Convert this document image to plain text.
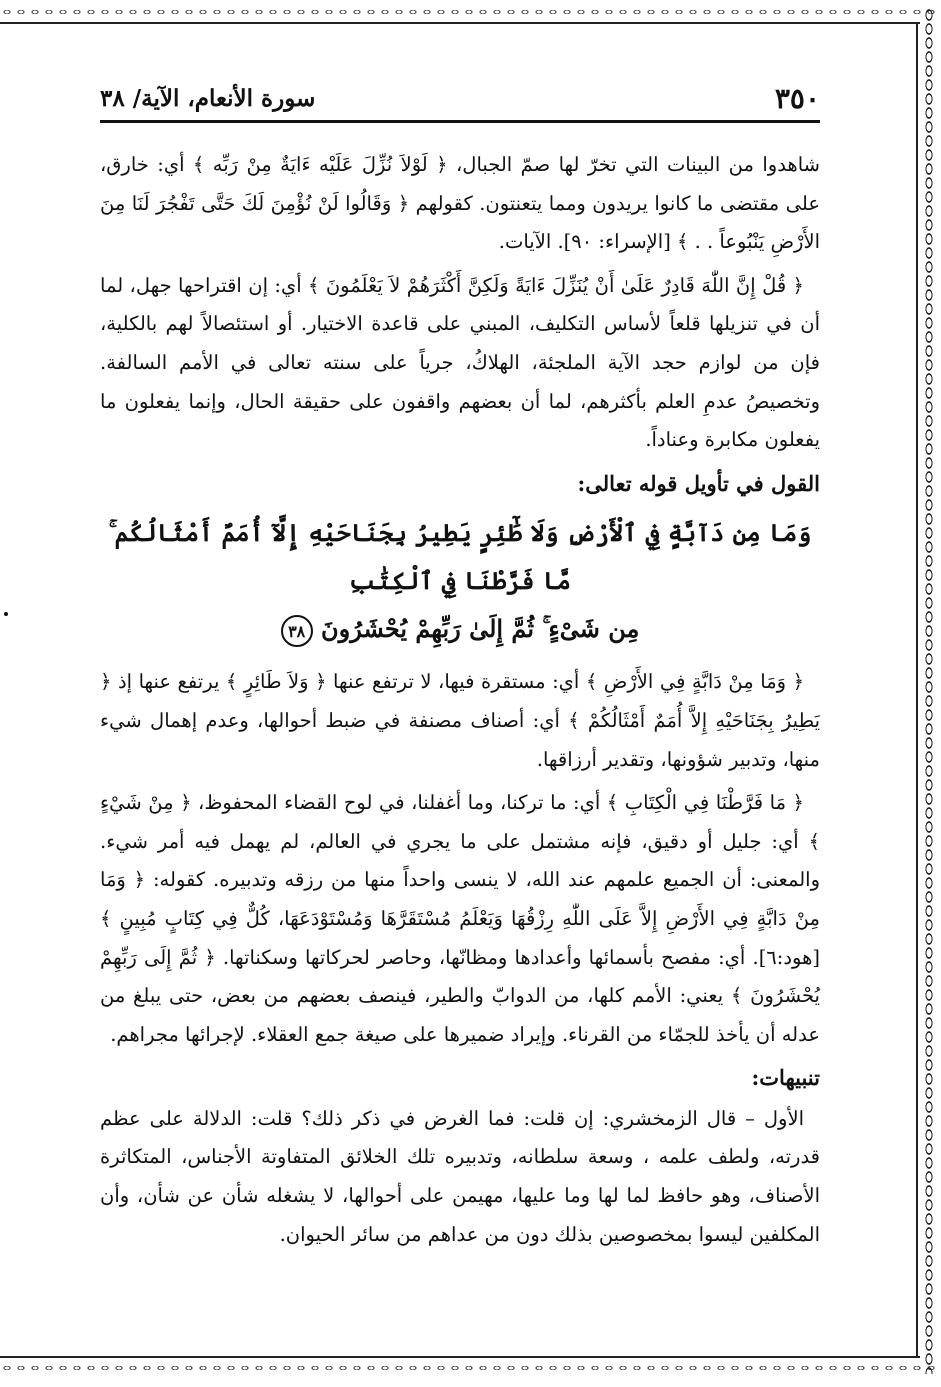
٣٥٠
سورة الأنعام، الآية/ ٣٨

شاهدوا من البينات التي تخرّ لها صمّ الجبال، ﴿ لَوْلاَ نُزِّلَ عَلَيْه ءَايَةٌ مِنْ رَبِّه ﴾ أي: خارق، على مقتضى ما كانوا يريدون ومما يتعنتون. كقولهم ﴿ وَقَالُوا لَنْ نُؤْمِنَ لَكَ حَتَّى تَفْجُرَ لَنَا مِنَ الأَرْضِ يَنْبُوعاً . . ﴾ [الإسراء: ٩٠]. الآيات.

﴿ قُلْ إِنَّ اللّٰهَ قَادِرٌ عَلَىٰ أَنْ يُنَزِّلَ ءَايَةً وَلَكِنَّ أَكْثَرَهُمْ لاَ يَعْلَمُونَ ﴾ أي: إن اقتراحها جهل، لما أن في تنزيلها قلعاً لأساس التكليف، المبني على قاعدة الاختيار. أو استئصالاً لهم بالكلية، فإن من لوازم حجد الآية الملجئة، الهلاكُ، جرياً على سنته تعالى في الأمم السالفة. وتخصيصُ عدمِ العلم بأكثرهم، لما أن بعضهم واقفون على حقيقة الحال، وإنما يفعلون ما يفعلون مكابرة وعناداً.

القول في تأويل قوله تعالى:
وَمَا مِن دَآبَّةٍ فِي ٱلْأَرْضِ وَلَا طَٰٓئِرٍ يَطِيرُ بِجَنَاحَيْهِ إِلَّآ أُمَمٌ أَمْثَالُكُم ۚ مَّا فَرَّطْنَا فِي ٱلْكِتَٰبِ
مِن شَىْءٍ ۚ ثُمَّ إِلَىٰ رَبِّهِمْ يُحْشَرُونَ ٣٨

﴿ وَمَا مِنْ دَابَّةٍ فِي الأَرْضِ ﴾ أي: مستقرة فيها، لا ترتفع عنها ﴿ وَلاَ طَائِرٍ ﴾ يرتفع عنها إذ ﴿ يَطِيرُ بِجَنَاحَيْهِ إِلاَّ أُمَمٌ أَمْثَالُكُمْ ﴾ أي: أصناف مصنفة في ضبط أحوالها، وعدم إهمال شيء منها، وتدبير شؤونها، وتقدير أرزاقها.

﴿ مَا فَرَّطْنَا فِي الْكِتَابِ ﴾ أي: ما تركنا، وما أغفلنا، في لوح القضاء المحفوظ، ﴿ مِنْ شَيْءٍ ﴾ أي: جليل أو دقيق، فإنه مشتمل على ما يجري في العالم، لم يهمل فيه أمر شيء. والمعنى: أن الجميع علمهم عند الله، لا ينسى واحداً منها من رزقه وتدبيره. كقوله: ﴿ وَمَا مِنْ دَابَّةٍ فِي الأَرْضِ إِلاَّ عَلَى اللّٰهِ رِزْقُهَا وَيَعْلَمُ مُسْتَقَرَّهَا وَمُسْتَوْدَعَهَا، كُلٌّ فِي كِتَابٍ مُبِينٍ ﴾ [هود:٦]. أي: مفصح بأسمائها وأعدادها ومظانّها، وحاصر لحركاتها وسكناتها. ﴿ ثُمَّ إِلَى رَبِّهِمْ يُحْشَرُونَ ﴾ يعني: الأمم كلها، من الدوابّ والطير، فينصف بعضهم من بعض، حتى يبلغ من عدله أن يأخذ للجمّاء من القرناء. وإيراد ضميرها على صيغة جمع العقلاء. لإجرائها مجراهم.

تنبيهات:

الأول – قال الزمخشري: إن قلت: فما الغرض في ذكر ذلك؟ قلت: الدلالة على عظم قدرته، ولطف علمه ، وسعة سلطانه، وتدبيره تلك الخلائق المتفاوتة الأجناس، المتكاثرة الأصناف، وهو حافظ لما لها وما عليها، مهيمن على أحوالها، لا يشغله شأن عن شأن، وأن المكلفين ليسوا بمخصوصين بذلك دون من عداهم من سائر الحيوان.
